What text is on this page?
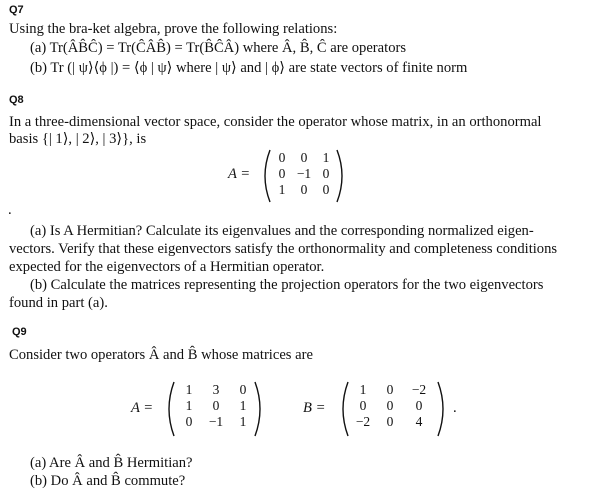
Q7
Using the bra-ket algebra, prove the following relations:
(a) Tr(ÂB̂Ĉ) = Tr(ĈÂB̂) = Tr(B̂ĈÂ) where Â, B̂, Ĉ are operators
(b) Tr (| ψ⟩⟨ϕ |) = ⟨ϕ | ψ⟩ where | ψ⟩ and | ϕ⟩ are state vectors of finite norm
Q8
In a three-dimensional vector space, consider the operator whose matrix, in an orthonormal
basis {| 1⟩, | 2⟩, | 3⟩}, is
A =
0	0	1
0	−1	0
1	0	0
.
(a) Is A Hermitian? Calculate its eigenvalues and the corresponding normalized eigen-
vectors. Verify that these eigenvectors satisfy the orthonormality and completeness conditions
expected for the eigenvectors of a Hermitian operator.
(b) Calculate the matrices representing the projection operators for the two eigenvectors
found in part (a).
Q9
Consider two operators Â and B̂ whose matrices are
A =
1	3	0
1	0	1
0	−1	1
B =
1	0	−2
0	0	0
−2	0	4
.
(a) Are Â and B̂ Hermitian?
(b) Do Â and B̂ commute?
